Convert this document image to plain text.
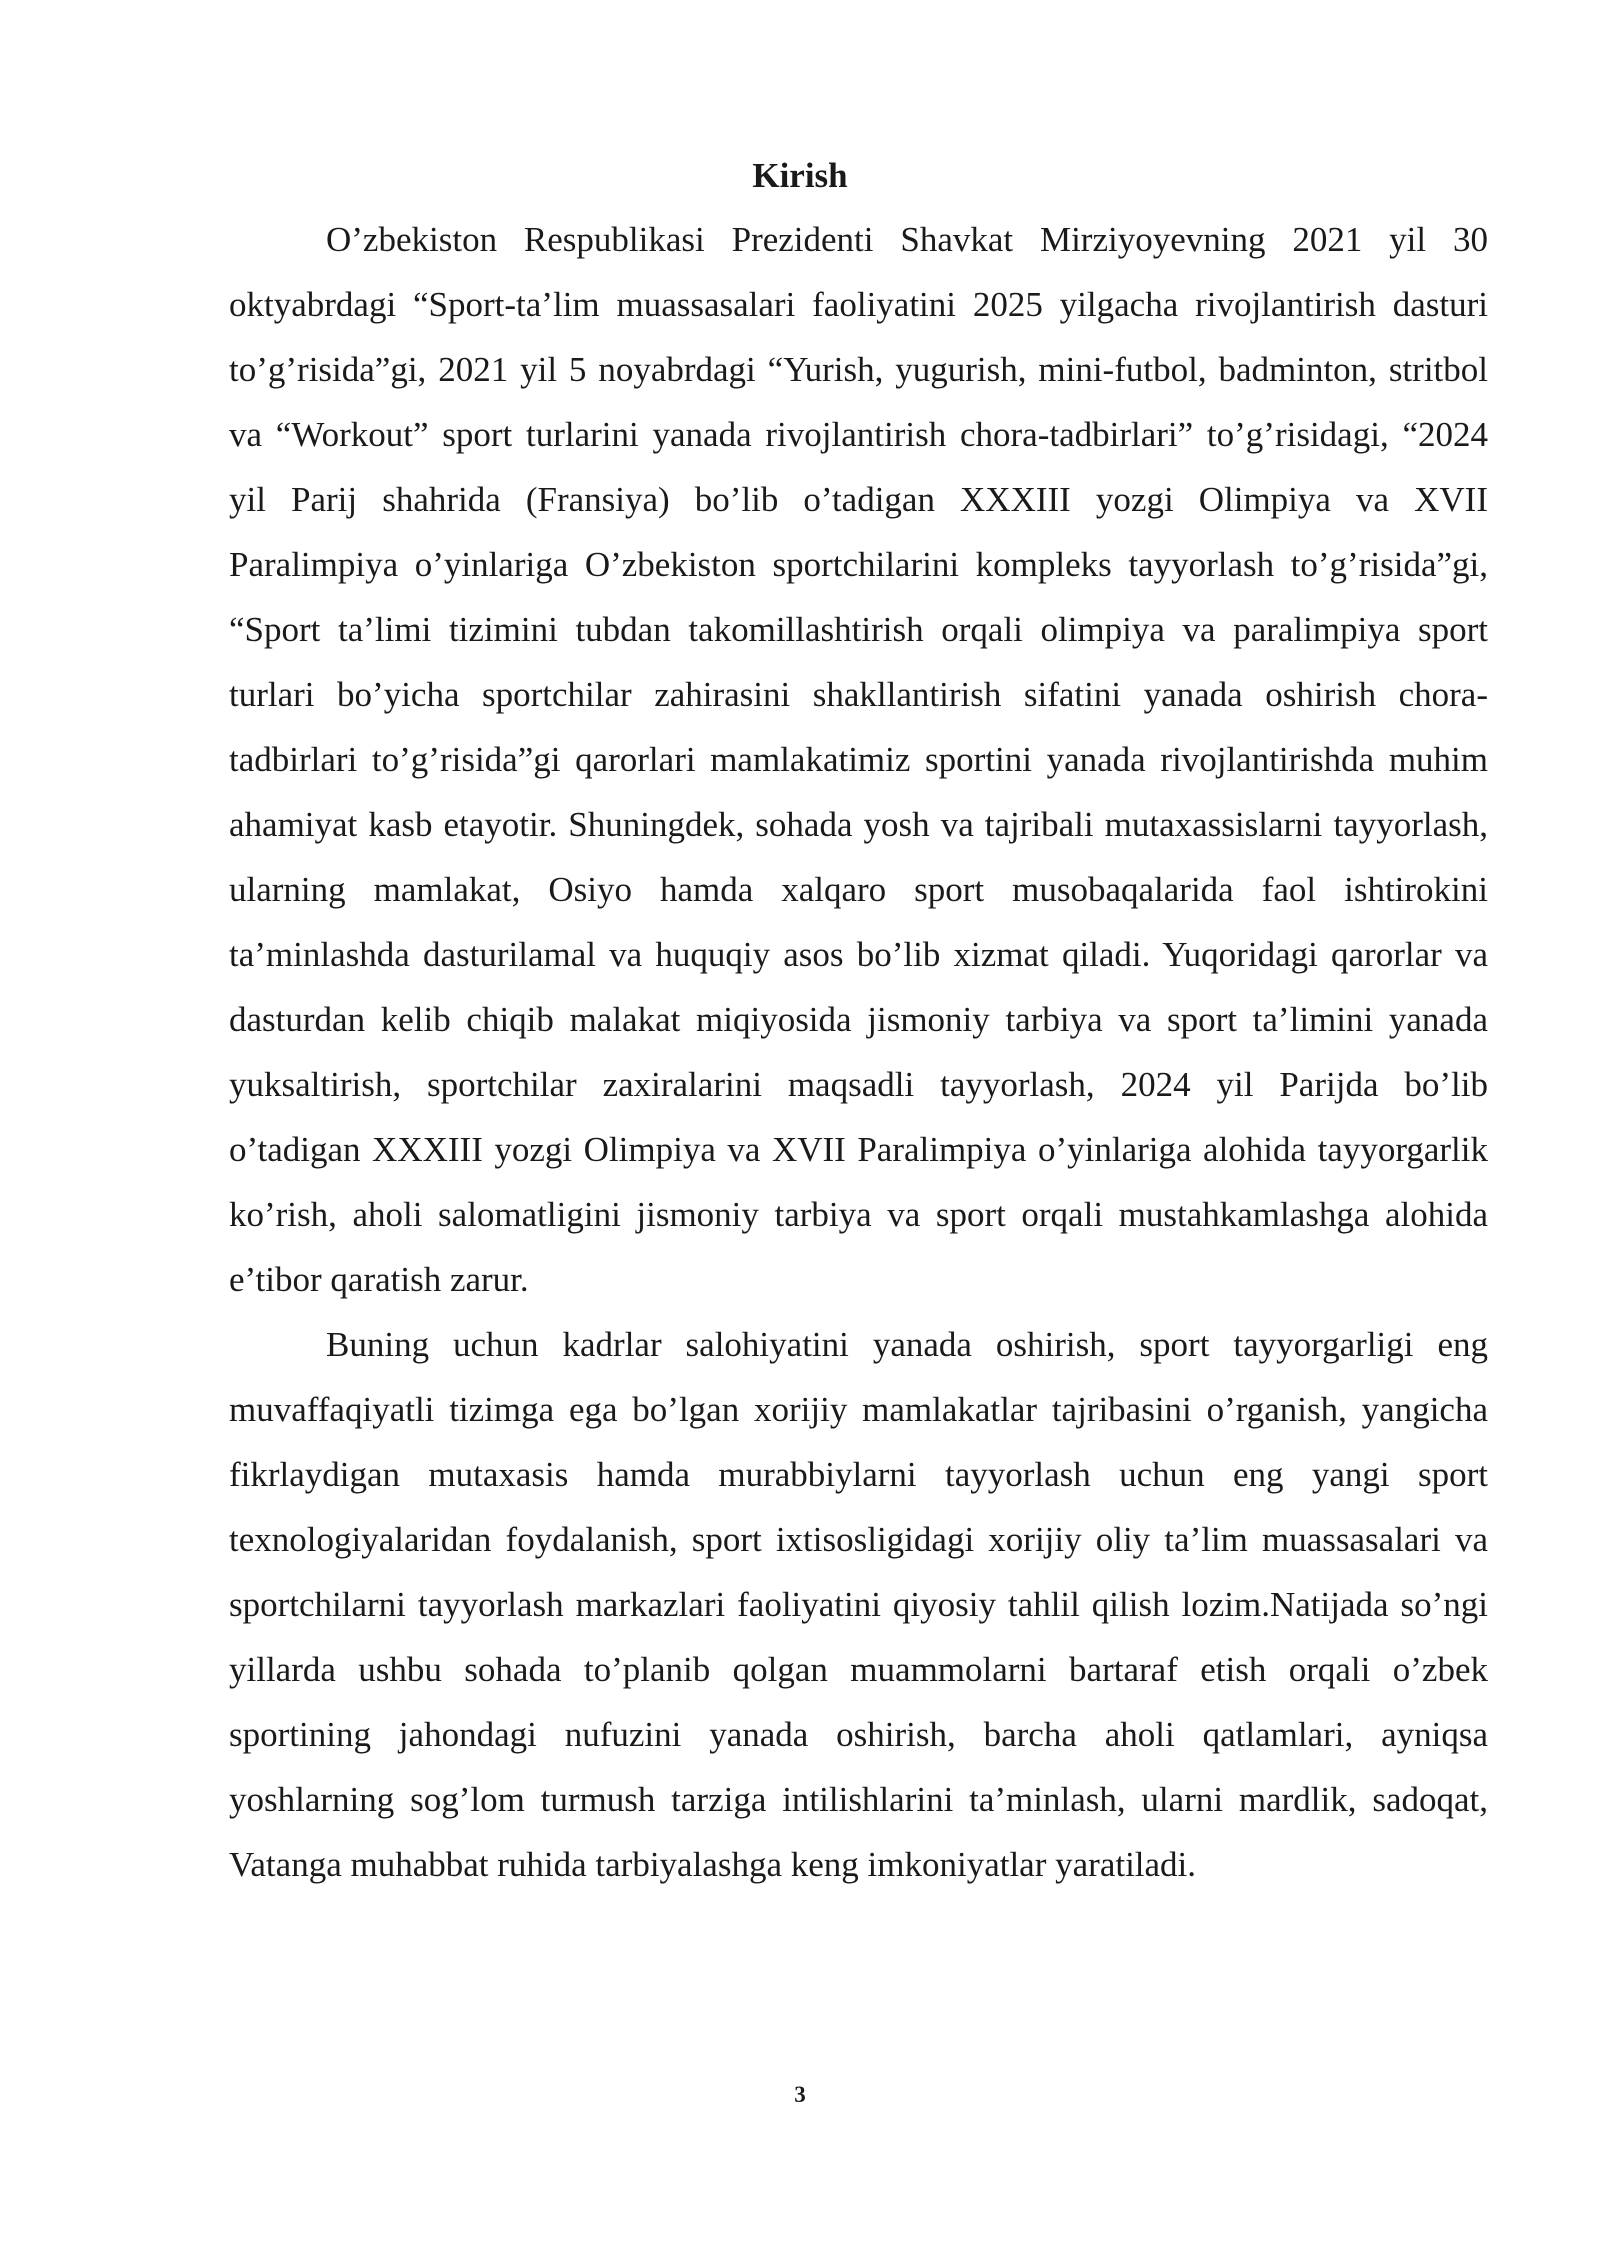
Kirish

O’zbekiston Respublikasi Prezidenti Shavkat Mirziyoyevning 2021 yil 30 oktyabrdagi “Sport-ta’lim muassasalari faoliyatini 2025 yilgacha rivojlantirish dasturi to’g’risida”gi, 2021 yil 5 noyabrdagi “Yurish, yugurish, mini-futbol, badminton, stritbol va “Workout” sport turlarini yanada rivojlantirish chora-tadbirlari” to’g’risidagi, “2024 yil Parij shahrida (Fransiya) bo’lib o’tadigan XXXIII yozgi Olimpiya va XVII Paralimpiya o’yinlariga O’zbekiston sportchilarini kompleks tayyorlash to’g’risida”gi, “Sport ta’limi tizimini tubdan takomillashtirish orqali olimpiya va paralimpiya sport turlari bo’yicha sportchilar zahirasini shakllantirish sifatini yanada oshirish chora-tadbirlari to’g’risida”gi qarorlari mamlakatimiz sportini yanada rivojlantirishda muhim ahamiyat kasb etayotir. Shuningdek, sohada yosh va tajribali mutaxassislarni tayyorlash, ularning mamlakat, Osiyo hamda xalqaro sport musobaqalarida faol ishtirokini ta’minlashda dasturilamal va huquqiy asos bo’lib xizmat qiladi. Yuqoridagi qarorlar va dasturdan kelib chiqib malakat miqiyosida jismoniy tarbiya va sport ta’limini yanada yuksaltirish, sportchilar zaxiralarini maqsadli tayyorlash, 2024 yil Parijda bo’lib o’tadigan XXXIII yozgi Olimpiya va XVII Paralimpiya o’yinlariga alohida tayyorgarlik ko’rish, aholi salomatligini jismoniy tarbiya va sport orqali mustahkamlashga alohida e’tibor qaratish zarur.

Buning uchun kadrlar salohiyatini yanada oshirish, sport tayyorgarligi eng muvaffaqiyatli tizimga ega bo’lgan xorijiy mamlakatlar tajribasini o’rganish, yangicha fikrlaydigan mutaxasis hamda murabbiylarni tayyorlash uchun eng yangi sport texnologiyalaridan foydalanish, sport ixtisosligidagi xorijiy oliy ta’lim muassasalari va sportchilarni tayyorlash markazlari faoliyatini qiyosiy tahlil qilish lozim.Natijada so’ngi yillarda ushbu sohada to’planib qolgan muammolarni bartaraf etish orqali o’zbek sportining jahondagi nufuzini yanada oshirish, barcha aholi qatlamlari, ayniqsa yoshlarning sog’lom turmush tarziga intilishlarini ta’minlash, ularni mardlik, sadoqat, Vatanga muhabbat ruhida tarbiyalashga keng imkoniyatlar yaratiladi.

3
